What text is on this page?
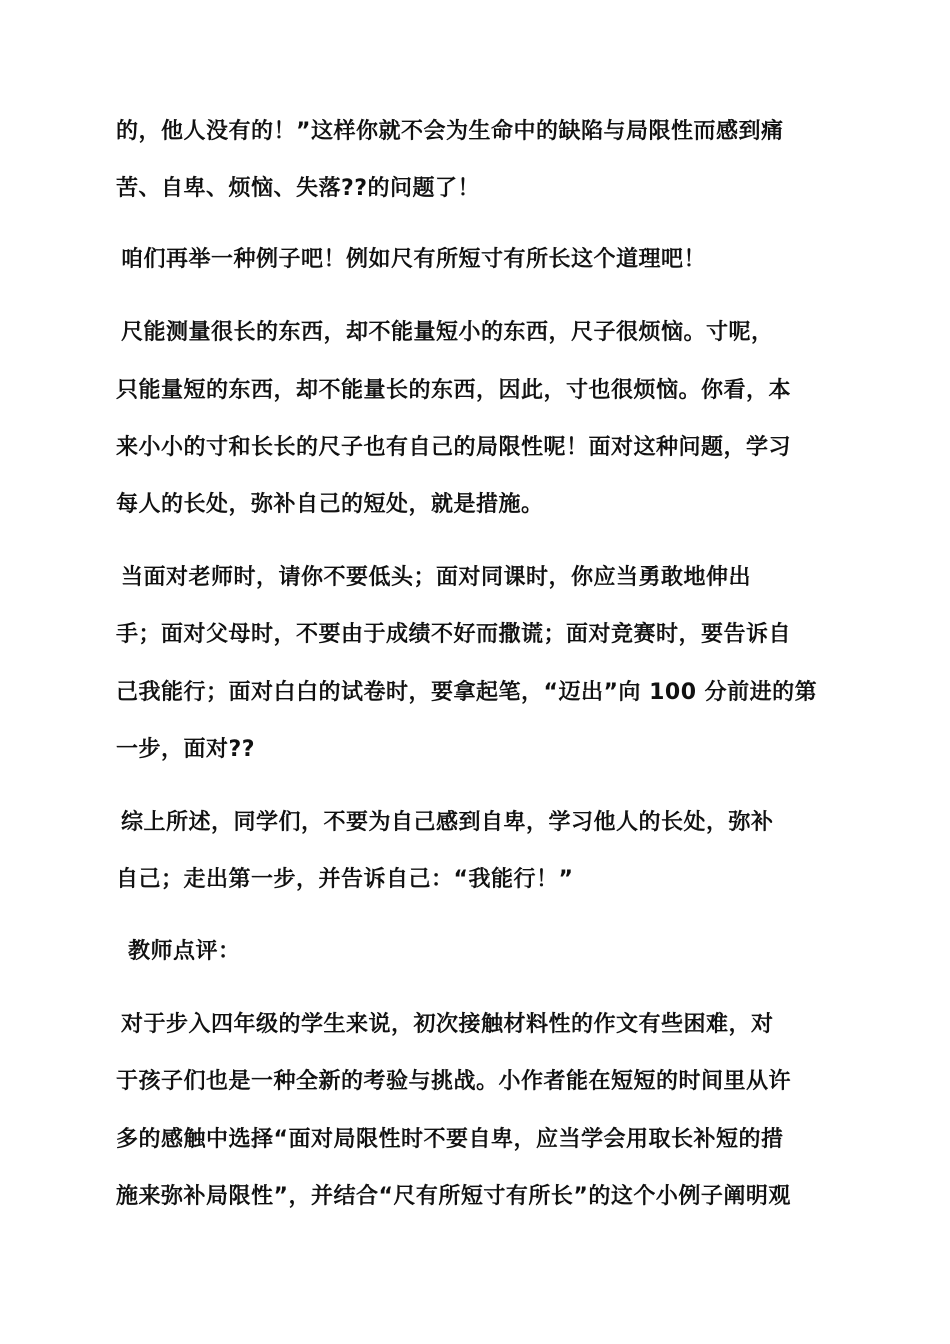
的，他人没有的！”这样你就不会为生命中的缺陷与局限性而感到痛

苦、自卑、烦恼、失落??的问题了！

咱们再举一种例子吧！例如尺有所短寸有所长这个道理吧！

尺能测量很长的东西，却不能量短小的东西，尺子很烦恼。寸呢，

只能量短的东西，却不能量长的东西，因此，寸也很烦恼。你看，本

来小小的寸和长长的尺子也有自己的局限性呢！面对这种问题，学习

每人的长处，弥补自己的短处，就是措施。

当面对老师时，请你不要低头；面对同课时，你应当勇敢地伸出

手；面对父母时，不要由于成绩不好而撒谎；面对竞赛时，要告诉自

己我能行；面对白白的试卷时，要拿起笔，“迈出”向 100 分前进的第

一步，面对??

综上所述，同学们，不要为自己感到自卑，学习他人的长处，弥补

自己；走出第一步，并告诉自己：“我能行！”

教师点评：

对于步入四年级的学生来说，初次接触材料性的作文有些困难，对

于孩子们也是一种全新的考验与挑战。小作者能在短短的时间里从许

多的感触中选择“面对局限性时不要自卑，应当学会用取长补短的措

施来弥补局限性”，并结合“尺有所短寸有所长”的这个小例子阐明观
